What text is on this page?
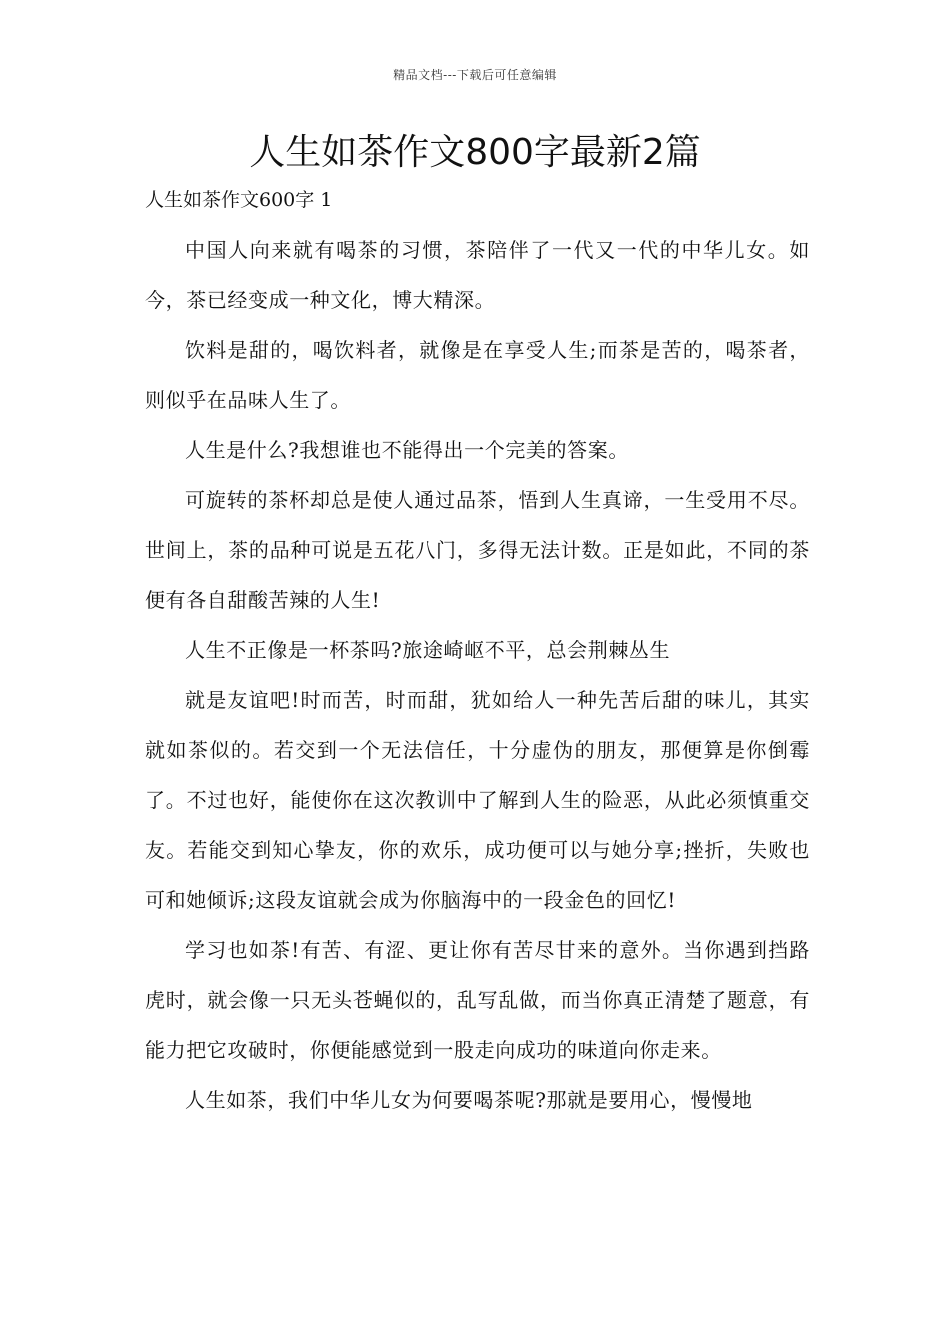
精品文档---下载后可任意编辑
人生如茶作文800字最新2篇
人生如茶作文600字 1

中国人向来就有喝茶的习惯，茶陪伴了一代又一代的中华儿女。如今，茶已经变成一种文化，博大精深。

饮料是甜的，喝饮料者，就像是在享受人生;而茶是苦的，喝茶者，则似乎在品味人生了。

人生是什么?我想谁也不能得出一个完美的答案。

可旋转的茶杯却总是使人通过品茶，悟到人生真谛，一生受用不尽。世间上，茶的品种可说是五花八门，多得无法计数。正是如此，不同的茶便有各自甜酸苦辣的人生!

人生不正像是一杯茶吗?旅途崎岖不平，总会荆棘丛生

就是友谊吧!时而苦，时而甜，犹如给人一种先苦后甜的味儿，其实就如茶似的。若交到一个无法信任，十分虚伪的朋友，那便算是你倒霉了。不过也好，能使你在这次教训中了解到人生的险恶，从此必须慎重交友。若能交到知心挚友，你的欢乐，成功便可以与她分享;挫折，失败也可和她倾诉;这段友谊就会成为你脑海中的一段金色的回忆!

学习也如茶!有苦、有涩、更让你有苦尽甘来的意外。当你遇到挡路虎时，就会像一只无头苍蝇似的，乱写乱做，而当你真正清楚了题意，有能力把它攻破时，你便能感觉到一股走向成功的味道向你走来。

人生如茶，我们中华儿女为何要喝茶呢?那就是要用心，慢慢地
